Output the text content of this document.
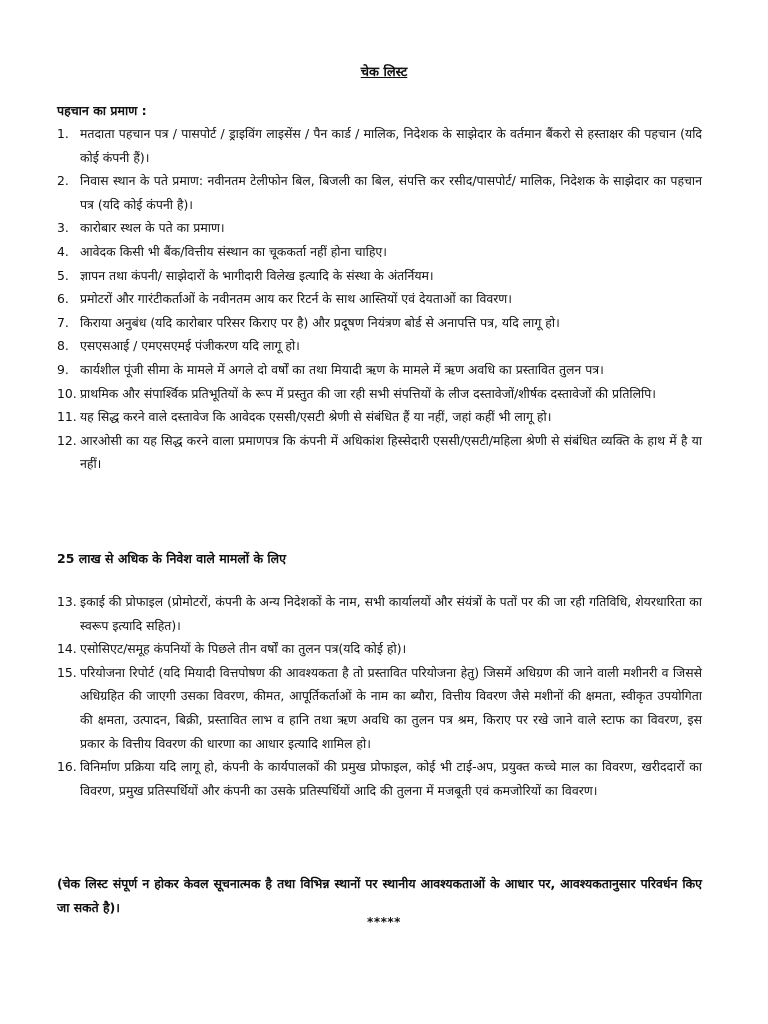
चेक लिस्ट
पहचान का प्रमाण :
1. मतदाता पहचान पत्र / पासपोर्ट / ड्राइविंग लाइसेंस / पैन कार्ड / मालिक, निदेशक के साझेदार के वर्तमान बैंकरो से हस्ताक्षर की पहचान (यदि कोई कंपनी हैं)।
2. निवास स्थान के पते प्रमाण: नवीनतम टेलीफोन बिल, बिजली का बिल, संपत्ति कर रसीद/पासपोर्ट/ मालिक, निदेशक के साझेदार का पहचान पत्र (यदि कोई कंपनी है)।
3. कारोबार स्थल के पते का प्रमाण।
4. आवेदक किसी भी बैंक/वित्तीय संस्थान का चूककर्ता नहीं होना चाहिए।
5. ज्ञापन तथा कंपनी/ साझेदारों के भागीदारी विलेख इत्यादि के संस्था के अंतर्नियम।
6. प्रमोटरों और गारंटीकर्ताओं के नवीनतम आय कर रिटर्न के साथ आस्तियों एवं देयताओं का विवरण।
7. किराया अनुबंध (यदि कारोबार परिसर किराए पर है) और प्रदूषण नियंत्रण बोर्ड से अनापत्ति पत्र, यदि लागू हो।
8. एसएसआई / एमएसएमई पंजीकरण यदि लागू हो।
9. कार्यशील पूंजी सीमा के मामले में अगले दो वर्षों का तथा मियादी ऋण के मामले में ऋण अवधि का प्रस्तावित तुलन पत्र।
10. प्राथमिक और संपार्श्विक प्रतिभूतियों के रूप में प्रस्तुत की जा रही सभी संपत्तियों के लीज दस्तावेजों/शीर्षक दस्तावेजों की प्रतिलिपि।
11. यह सिद्ध करने वाले दस्तावेज कि आवेदक एससी/एसटी श्रेणी से संबंधित हैं या नहीं, जहां कहीं भी लागू हो।
12. आरओसी का यह सिद्ध करने वाला प्रमाणपत्र कि कंपनी में अधिकांश हिस्सेदारी एससी/एसटी/महिला श्रेणी से संबंधित व्यक्ति के हाथ में है या नहीं।
25 लाख से अधिक के निवेश वाले मामलों के लिए
13. इकाई की प्रोफाइल (प्रोमोटरों, कंपनी के अन्य निदेशकों के नाम, सभी कार्यालयों और संयंत्रों के पतों पर की जा रही गतिविधि, शेयरधारिता का स्वरूप इत्यादि सहित)।
14. एसोसिएट/समूह कंपनियों के पिछले तीन वर्षों का तुलन पत्र(यदि कोई हो)।
15. परियोजना रिपोर्ट (यदि मियादी वित्तपोषण की आवश्यकता है तो प्रस्तावित परियोजना हेतु) जिसमें अधिग्रण की जाने वाली मशीनरी व जिससे अधिग्रहित की जाएगी उसका विवरण, कीमत, आपूर्तिकर्ताओं के नाम का ब्यौरा, वित्तीय विवरण जैसे मशीनों की क्षमता, स्वीकृत उपयोगिता की क्षमता, उत्पादन, बिक्री, प्रस्तावित लाभ व हानि तथा ऋण अवधि का तुलन पत्र श्रम, किराए पर रखे जाने वाले स्टाफ का विवरण, इस प्रकार के वित्तीय विवरण की धारणा का आधार इत्यादि शामिल हो।
16. विनिर्माण प्रक्रिया यदि लागू हो, कंपनी के कार्यपालकों की प्रमुख प्रोफाइल, कोई भी टाई-अप, प्रयुक्त कच्चे माल का विवरण, खरीददारों का विवरण, प्रमुख प्रतिस्पर्धियों और कंपनी का उसके प्रतिस्पर्धियों आदि की तुलना में मजबूती एवं कमजोरियों का विवरण।
(चेक लिस्ट संपूर्ण न होकर केवल सूचनात्मक है तथा विभिन्न स्थानों पर स्थानीय आवश्यकताओं के आधार पर, आवश्यकतानुसार परिवर्धन किए जा सकते है)।
*****
